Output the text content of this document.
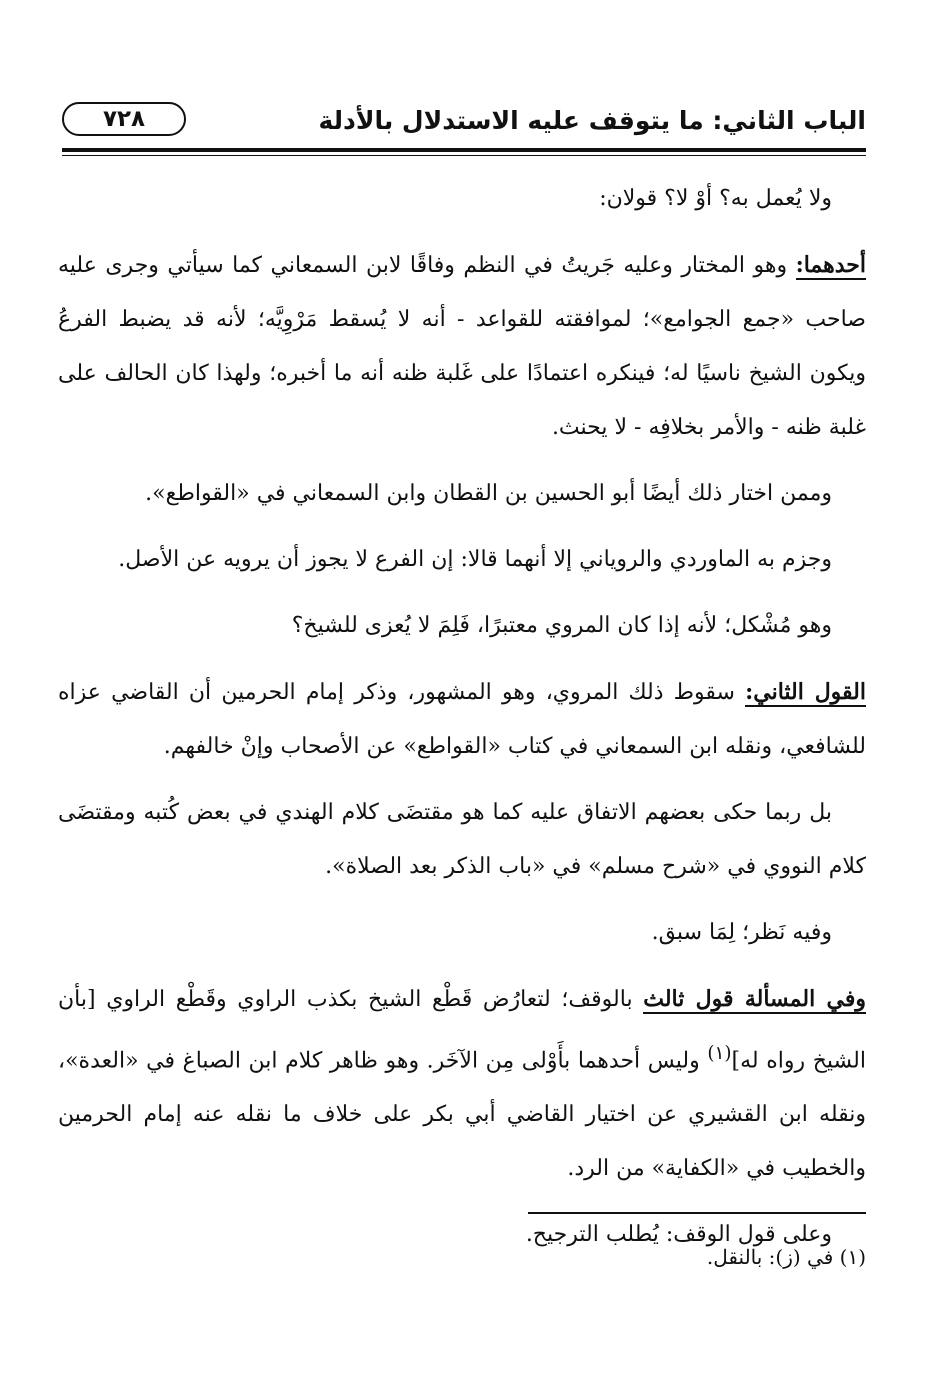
الباب الثاني: ما يتوقف عليه الاستدلال بالأدلة
٧٢٨

ولا يُعمل به؟ أوْ لا؟ قولان:

أحدهما: وهو المختار وعليه جَريتُ في النظم وفاقًا لابن السمعاني كما سيأتي وجرى عليه صاحب «جمع الجوامع»؛ لموافقته للقواعد - أنه لا يُسقط مَرْوِيَّه؛ لأنه قد يضبط الفرعُ ويكون الشيخ ناسيًا له؛ فينكره اعتمادًا على غَلبة ظنه أنه ما أخبره؛ ولهذا كان الحالف على غلبة ظنه - والأمر بخلافِه - لا يحنث.

وممن اختار ذلك أيضًا أبو الحسين بن القطان وابن السمعاني في «القواطع».

وجزم به الماوردي والروياني إلا أنهما قالا: إن الفرع لا يجوز أن يرويه عن الأصل.

وهو مُشْكل؛ لأنه إذا كان المروي معتبرًا، فَلِمَ لا يُعزى للشيخ؟

القول الثاني: سقوط ذلك المروي، وهو المشهور، وذكر إمام الحرمين أن القاضي عزاه للشافعي، ونقله ابن السمعاني في كتاب «القواطع» عن الأصحاب وإنْ خالفهم.

بل ربما حكى بعضهم الاتفاق عليه كما هو مقتضَى كلام الهندي في بعض كُتبه ومقتضَى كلام النووي في «شرح مسلم» في «باب الذكر بعد الصلاة».

وفيه نَظر؛ لِمَا سبق.

وفي المسألة قول ثالث بالوقف؛ لتعارُض قَطْع الشيخ بكذب الراوي وقَطْع الراوي [بأن الشيخ رواه له]$^{(١)}$ وليس أحدهما بأَوْلى مِن الآخَر. وهو ظاهر كلام ابن الصباغ في «العدة»، ونقله ابن القشيري عن اختيار القاضي أبي بكر على خلاف ما نقله عنه إمام الحرمين والخطيب في «الكفاية» من الرد.

وعلى قول الوقف: يُطلب الترجيح.

(١) في (ز): بالنقل.
